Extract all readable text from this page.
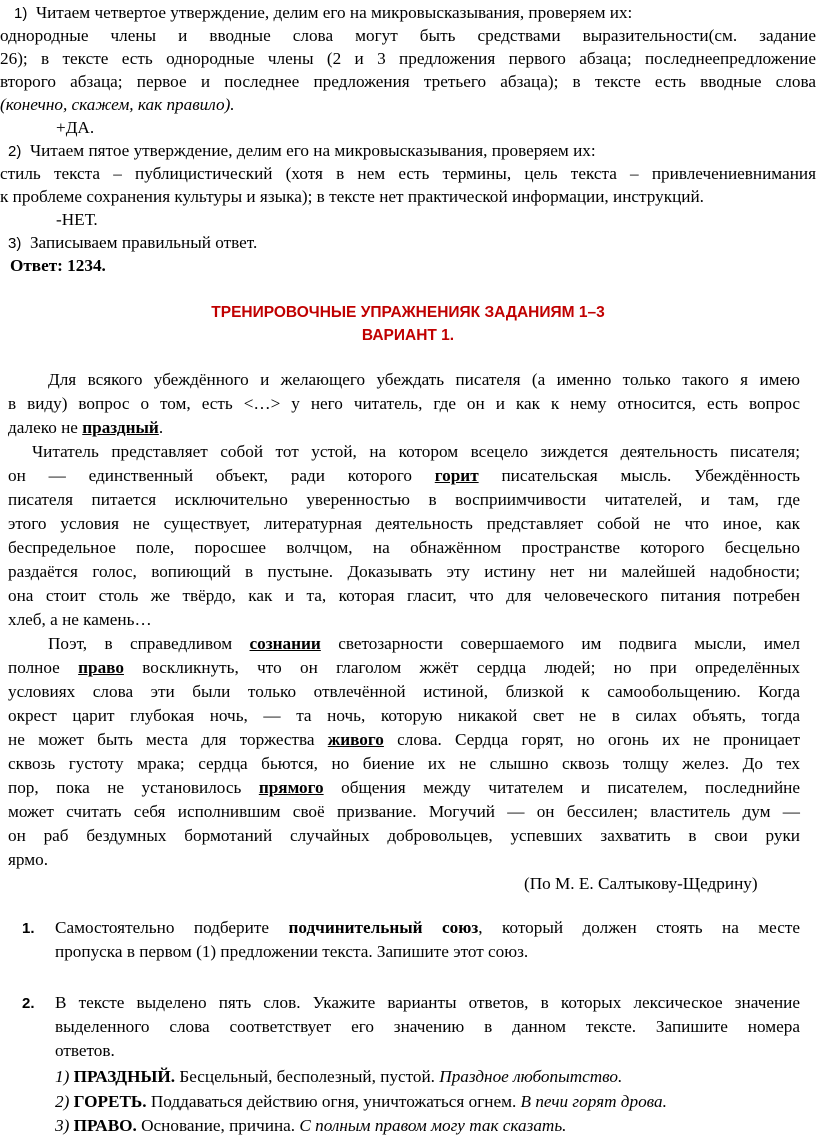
1) Читаем четвертое утверждение, делим его на микровысказывания, проверяем их:
однородные члены и вводные слова могут быть средствами выразительности(см. задание
26); в тексте есть однородные члены (2 и 3 предложения первого абзаца; последнеепредложение
второго абзаца; первое и последнее предложения третьего абзаца); в тексте есть вводные слова
(конечно, скажем, как правило).
+ДА.
2) Читаем пятое утверждение, делим его на микровысказывания, проверяем их:
стиль текста – публицистический (хотя в нем есть термины, цель текста – привлечениевнимания
к проблеме сохранения культуры и языка); в тексте нет практической информации, инструкций.
-НЕТ.
3) Записываем правильный ответ.
Ответ: 1234.
ТРЕНИРОВОЧНЫЕ УПРАЖНЕНИЯК ЗАДАНИЯМ 1–3
ВАРИАНТ 1.
Для всякого убеждённого и желающего убеждать писателя (а именно только такого я имею
в виду) вопрос о том, есть <…> у него читатель, где он и как к нему относится, есть вопрос
далеко не праздный.
Читатель представляет собой тот устой, на котором всецело зиждется деятельность писателя;
он — единственный объект, ради которого горит писательская мысль. Убеждённость
писателя питается исключительно уверенностью в восприимчивости читателей, и там, где
этого условия не существует, литературная деятельность представляет собой не что иное, как
беспредельное поле, поросшее волчцом, на обнажённом пространстве которого бесцельно
раздаётся голос, вопиющий в пустыне. Доказывать эту истину нет ни малейшей надобности;
она стоит столь же твёрдо, как и та, которая гласит, что для человеческого питания потребен
хлеб, а не камень…
Поэт, в справедливом сознании светозарности совершаемого им подвига мысли, имел
полное право воскликнуть, что он глаголом жжёт сердца людей; но при определённых
условиях слова эти были только отвлечённой истиной, близкой к самообольщению. Когда
окрест царит глубокая ночь, — та ночь, которую никакой свет не в силах объять, тогда
не может быть места для торжества живого слова. Сердца горят, но огонь их не проницает
сквозь густоту мрака; сердца бьются, но биение их не слышно сквозь толщу желез. До тех
пор, пока не установилось прямого общения между читателем и писателем, последнийне
может считать себя исполнившим своё призвание. Могучий — он бессилен; властитель дум —
он раб бездумных бормотаний случайных добровольцев, успевших захватить в свои руки
ярмо.
(По М. Е. Салтыкову-Щедрину)
1. Самостоятельно подберите подчинительный союз, который должен стоять на месте
пропуска в первом (1) предложении текста. Запишите этот союз.
2. В тексте выделено пять слов. Укажите варианты ответов, в которых лексическое значение
выделенного слова соответствует его значению в данном тексте. Запишите номера
ответов.
1) ПРАЗДНЫЙ. Бесцельный, бесполезный, пустой. Праздное любопытство.
2) ГОРЕТЬ. Поддаваться действию огня, уничтожаться огнем. В печи горят дрова.
3) ПРАВО. Основание, причина. С полным правом могу так сказать.
